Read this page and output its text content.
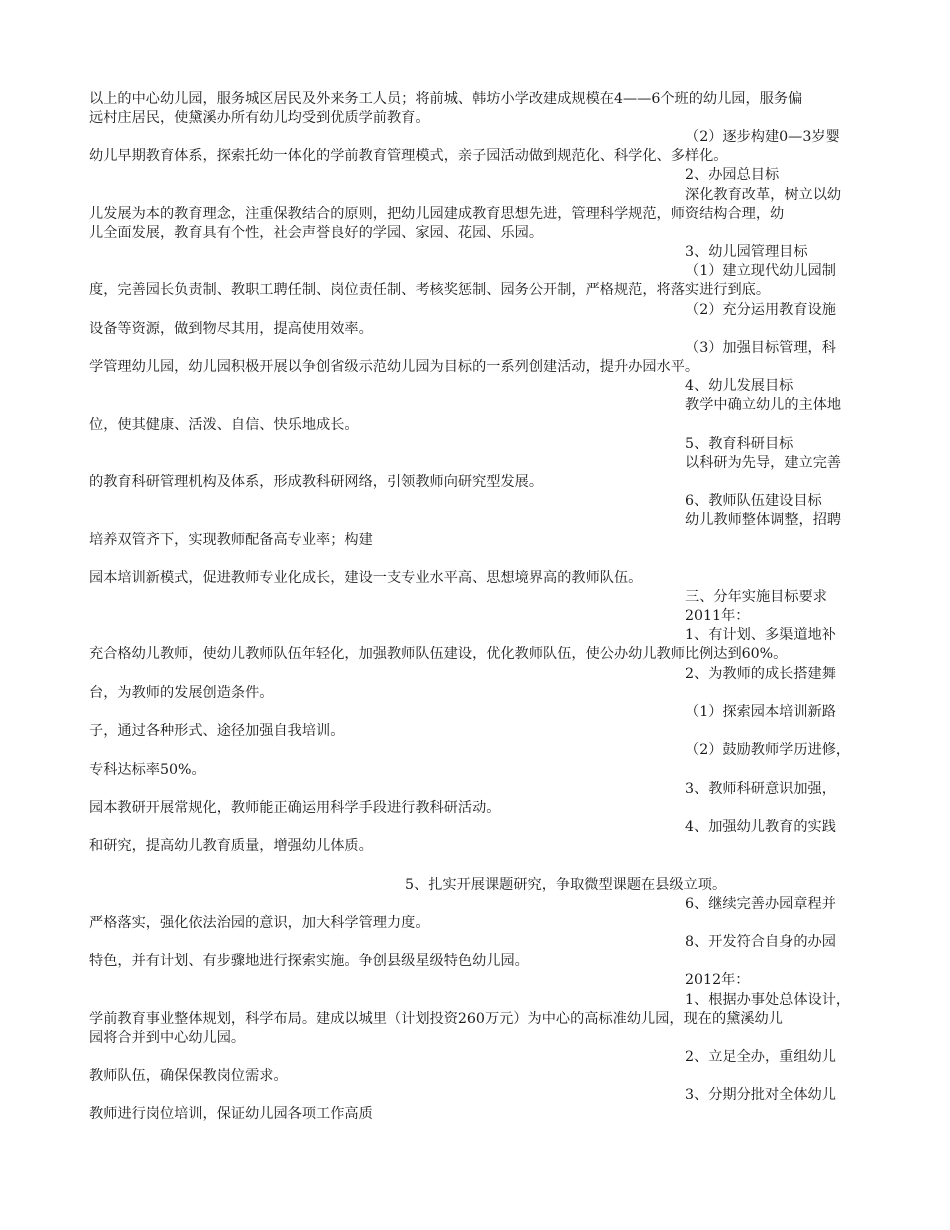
以上的中心幼儿园，服务城区居民及外来务工人员；将前城、韩坊小学改建成规模在4——6个班的幼儿园，服务偏
远村庄居民，使黛溪办所有幼儿均受到优质学前教育。
（2）逐步构建0—3岁婴
幼儿早期教育体系，探索托幼一体化的学前教育管理模式，亲子园活动做到规范化、科学化、多样化。
2、办园总目标
深化教育改革，树立以幼
儿发展为本的教育理念，注重保教结合的原则，把幼儿园建成教育思想先进，管理科学规范，师资结构合理，幼
儿全面发展，教育具有个性，社会声誉良好的学园、家园、花园、乐园。
3、幼儿园管理目标
（1）建立现代幼儿园制
度，完善园长负责制、教职工聘任制、岗位责任制、考核奖惩制、园务公开制，严格规范，将落实进行到底。
（2）充分运用教育设施
设备等资源，做到物尽其用，提高使用效率。
（3）加强目标管理，科
学管理幼儿园，幼儿园积极开展以争创省级示范幼儿园为目标的一系列创建活动，提升办园水平。
4、幼儿发展目标
教学中确立幼儿的主体地
位，使其健康、活泼、自信、快乐地成长。
5、教育科研目标
以科研为先导，建立完善
的教育科研管理机构及体系，形成教科研网络，引领教师向研究型发展。
6、教师队伍建设目标
幼儿教师整体调整，招聘
培养双管齐下，实现教师配备高专业率；构建
园本培训新模式，促进教师专业化成长，建设一支专业水平高、思想境界高的教师队伍。
三、分年实施目标要求
2011年：
1、有计划、多渠道地补
充合格幼儿教师，使幼儿教师队伍年轻化，加强教师队伍建设，优化教师队伍，使公办幼儿教师比例达到60%。
2、为教师的成长搭建舞
台，为教师的发展创造条件。
（1）探索园本培训新路
子，通过各种形式、途径加强自我培训。
（2）鼓励教师学历进修，
专科达标率50%。
3、教师科研意识加强，
园本教研开展常规化，教师能正确运用科学手段进行教科研活动。
4、加强幼儿教育的实践
和研究，提高幼儿教育质量，增强幼儿体质。
5、扎实开展课题研究，争取微型课题在县级立项。
6、继续完善办园章程并
严格落实，强化依法治园的意识，加大科学管理力度。
8、开发符合自身的办园
特色，并有计划、有步骤地进行探索实施。争创县级星级特色幼儿园。
2012年：
1、根据办事处总体设计，
学前教育事业整体规划，科学布局。建成以城里（计划投资260万元）为中心的高标准幼儿园，现在的黛溪幼儿
园将合并到中心幼儿园。
2、立足全办，重组幼儿
教师队伍，确保保教岗位需求。
3、分期分批对全体幼儿
教师进行岗位培训，保证幼儿园各项工作高质
